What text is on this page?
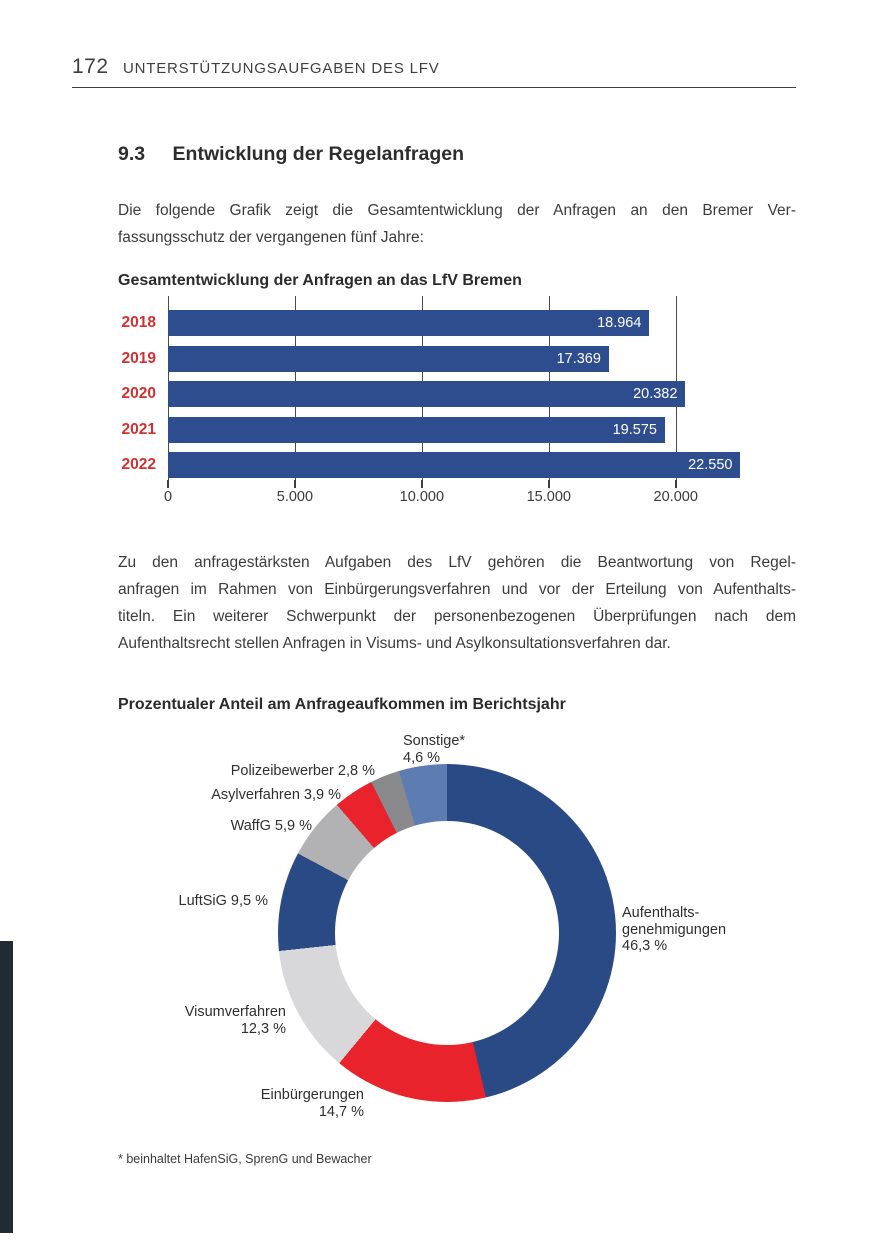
172 UNTERSTÜTZUNGSAUFGABEN DES LFV
9.3 Entwicklung der Regelanfragen
Die folgende Grafik zeigt die Gesamtentwicklung der Anfragen an den Bremer Ver-
fassungsschutz der vergangenen fünf Jahre:
Gesamtentwicklung der Anfragen an das LfV Bremen
2018	18.964
2019	17.369
2020	20.382
2021	19.575
2022	22.550
0	5.000	10.000	15.000	20.000
Zu den anfragestärksten Aufgaben des LfV gehören die Beantwortung von Regel-
anfragen im Rahmen von Einbürgerungsverfahren und vor der Erteilung von Aufenthalts-
titeln. Ein weiterer Schwerpunkt der personenbezogenen Überprüfungen nach dem
Aufenthaltsrecht stellen Anfragen in Visums- und Asylkonsultationsverfahren dar.
Prozentualer Anteil am Anfrageaufkommen im Berichtsjahr
Sonstige*
4,6 %
Polizeibewerber 2,8 %
Asylverfahren 3,9 %
WaffG 5,9 %
LuftSiG 9,5 %
Visumverfahren
12,3 %
Einbürgerungen
14,7 %
Aufenthalts-
genehmigungen
46,3 %
* beinhaltet HafenSiG, SprenG und Bewacher
